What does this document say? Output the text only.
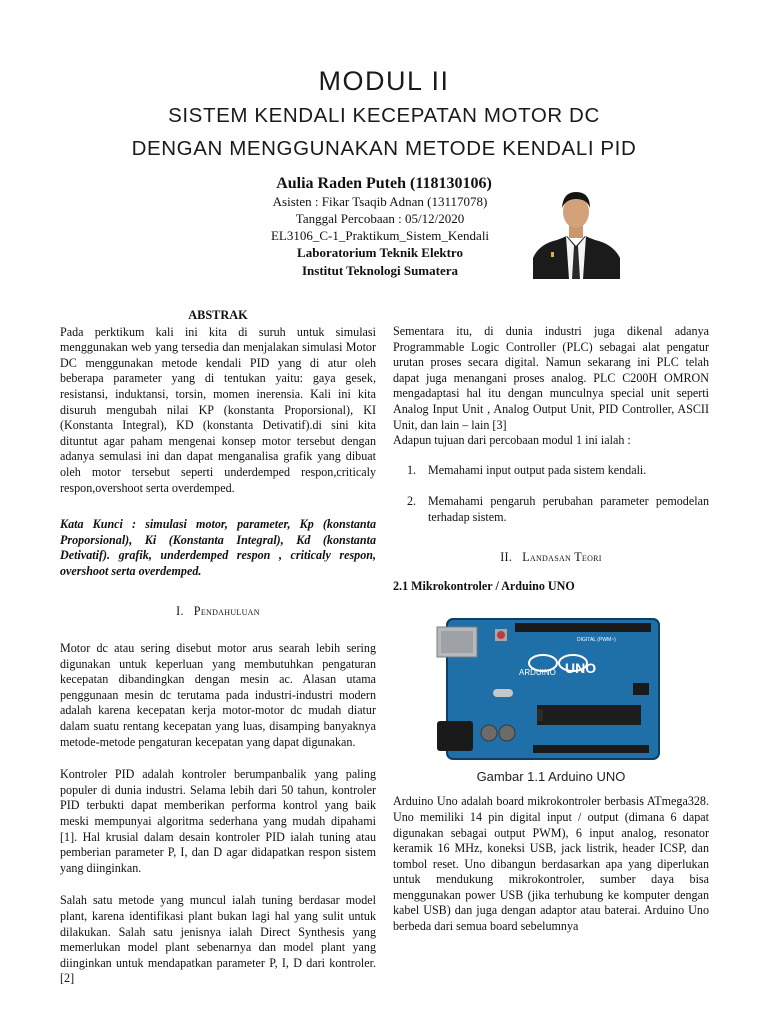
MODUL II
SISTEM KENDALI KECEPATAN MOTOR DC
DENGAN MENGGUNAKAN METODE KENDALI PID
Aulia Raden Puteh (118130106)
Asisten : Fikar Tsaqib Adnan (13117078)
Tanggal Percobaan : 05/12/2020
EL3106_C-1_Praktikum_Sistem_Kendali
Laboratorium Teknik Elektro
Institut Teknologi Sumatera

ABSTRAK

Pada perktikum kali ini kita di suruh untuk simulasi menggunakan web yang tersedia dan menjalakan simulasi Motor DC menggunakan metode kendali PID yang di atur oleh beberapa parameter yang di tentukan yaitu: gaya gesek, resistansi, induktansi, torsin, momen inerensia. Kali ini kita disuruh mengubah nilai KP (konstanta Proporsional), KI (Konstanta Integral), KD (konstanta Detivatif).di sini kita dituntut agar paham mengenai konsep motor tersebut dengan adanya semulasi ini dan dapat menganalisa grafik yang dibuat oleh motor tersebut seperti underdemped respon,criticaly respon,overshoot serta overdemped.

Kata Kunci : simulasi motor, parameter, Kp (konstanta Proporsional), Ki (Konstanta Integral), Kd (konstanta Detivatif). grafik, underdemped respon , criticaly respon, overshoot serta overdemped.

I. Pendahuluan

Motor dc atau sering disebut motor arus searah lebih sering digunakan untuk keperluan yang membutuhkan pengaturan kecepatan dibandingkan dengan mesin ac. Alasan utama penggunaan mesin dc terutama pada industri-industri modern adalah karena kecepatan kerja motor-motor dc mudah diatur dalam suatu rentang kecepatan yang luas, disamping banyaknya metode-metode pengaturan kecepatan yang dapat digunakan.

Kontroler PID adalah kontroler berumpanbalik yang paling populer di dunia industri. Selama lebih dari 50 tahun, kontroler PID terbukti dapat memberikan performa kontrol yang baik meski mempunyai algoritma sederhana yang mudah dipahami [1]. Hal krusial dalam desain kontroler PID ialah tuning atau pemberian parameter P, I, dan D agar didapatkan respon sistem yang diinginkan.

Salah satu metode yang muncul ialah tuning berdasar model plant, karena identifikasi plant bukan lagi hal yang sulit untuk dilakukan. Salah satu jenisnya ialah Direct Synthesis yang memerlukan model plant sebenarnya dan model plant yang diinginkan untuk mendapatkan parameter P, I, D dari kontroler. [2]

Sementara itu, di dunia industri juga dikenal adanya Programmable Logic Controller (PLC) sebagai alat pengatur urutan proses secara digital. Namun sekarang ini PLC telah dapat juga menangani proses analog. PLC C200H OMRON mengadaptasi hal itu dengan munculnya special unit seperti Analog Input Unit , Analog Output Unit, PID Controller, ASCII Unit, dan lain – lain [3]

Adapun tujuan dari percobaan modul 1 ini ialah :

1. Memahami input output pada sistem kendali.
2. Memahami pengaruh perubahan parameter pemodelan terhadap sistem.

II. Landasan Teori

2.1 Mikrokontroler / Arduino UNO

UNO
ARDUINO
DIGITAL (PWM~)

Gambar 1.1 Arduino UNO

Arduino Uno adalah board mikrokontroler berbasis ATmega328. Uno memiliki 14 pin digital input / output (dimana 6 dapat digunakan sebagai output PWM), 6 input analog, resonator keramik 16 MHz, koneksi USB, jack listrik, header ICSP, dan tombol reset. Uno dibangun berdasarkan apa yang diperlukan untuk mendukung mikrokontroler, sumber daya bisa menggunakan power USB (jika terhubung ke komputer dengan kabel USB) dan juga dengan adaptor atau baterai. Arduino Uno berbeda dari semua board sebelumnya
